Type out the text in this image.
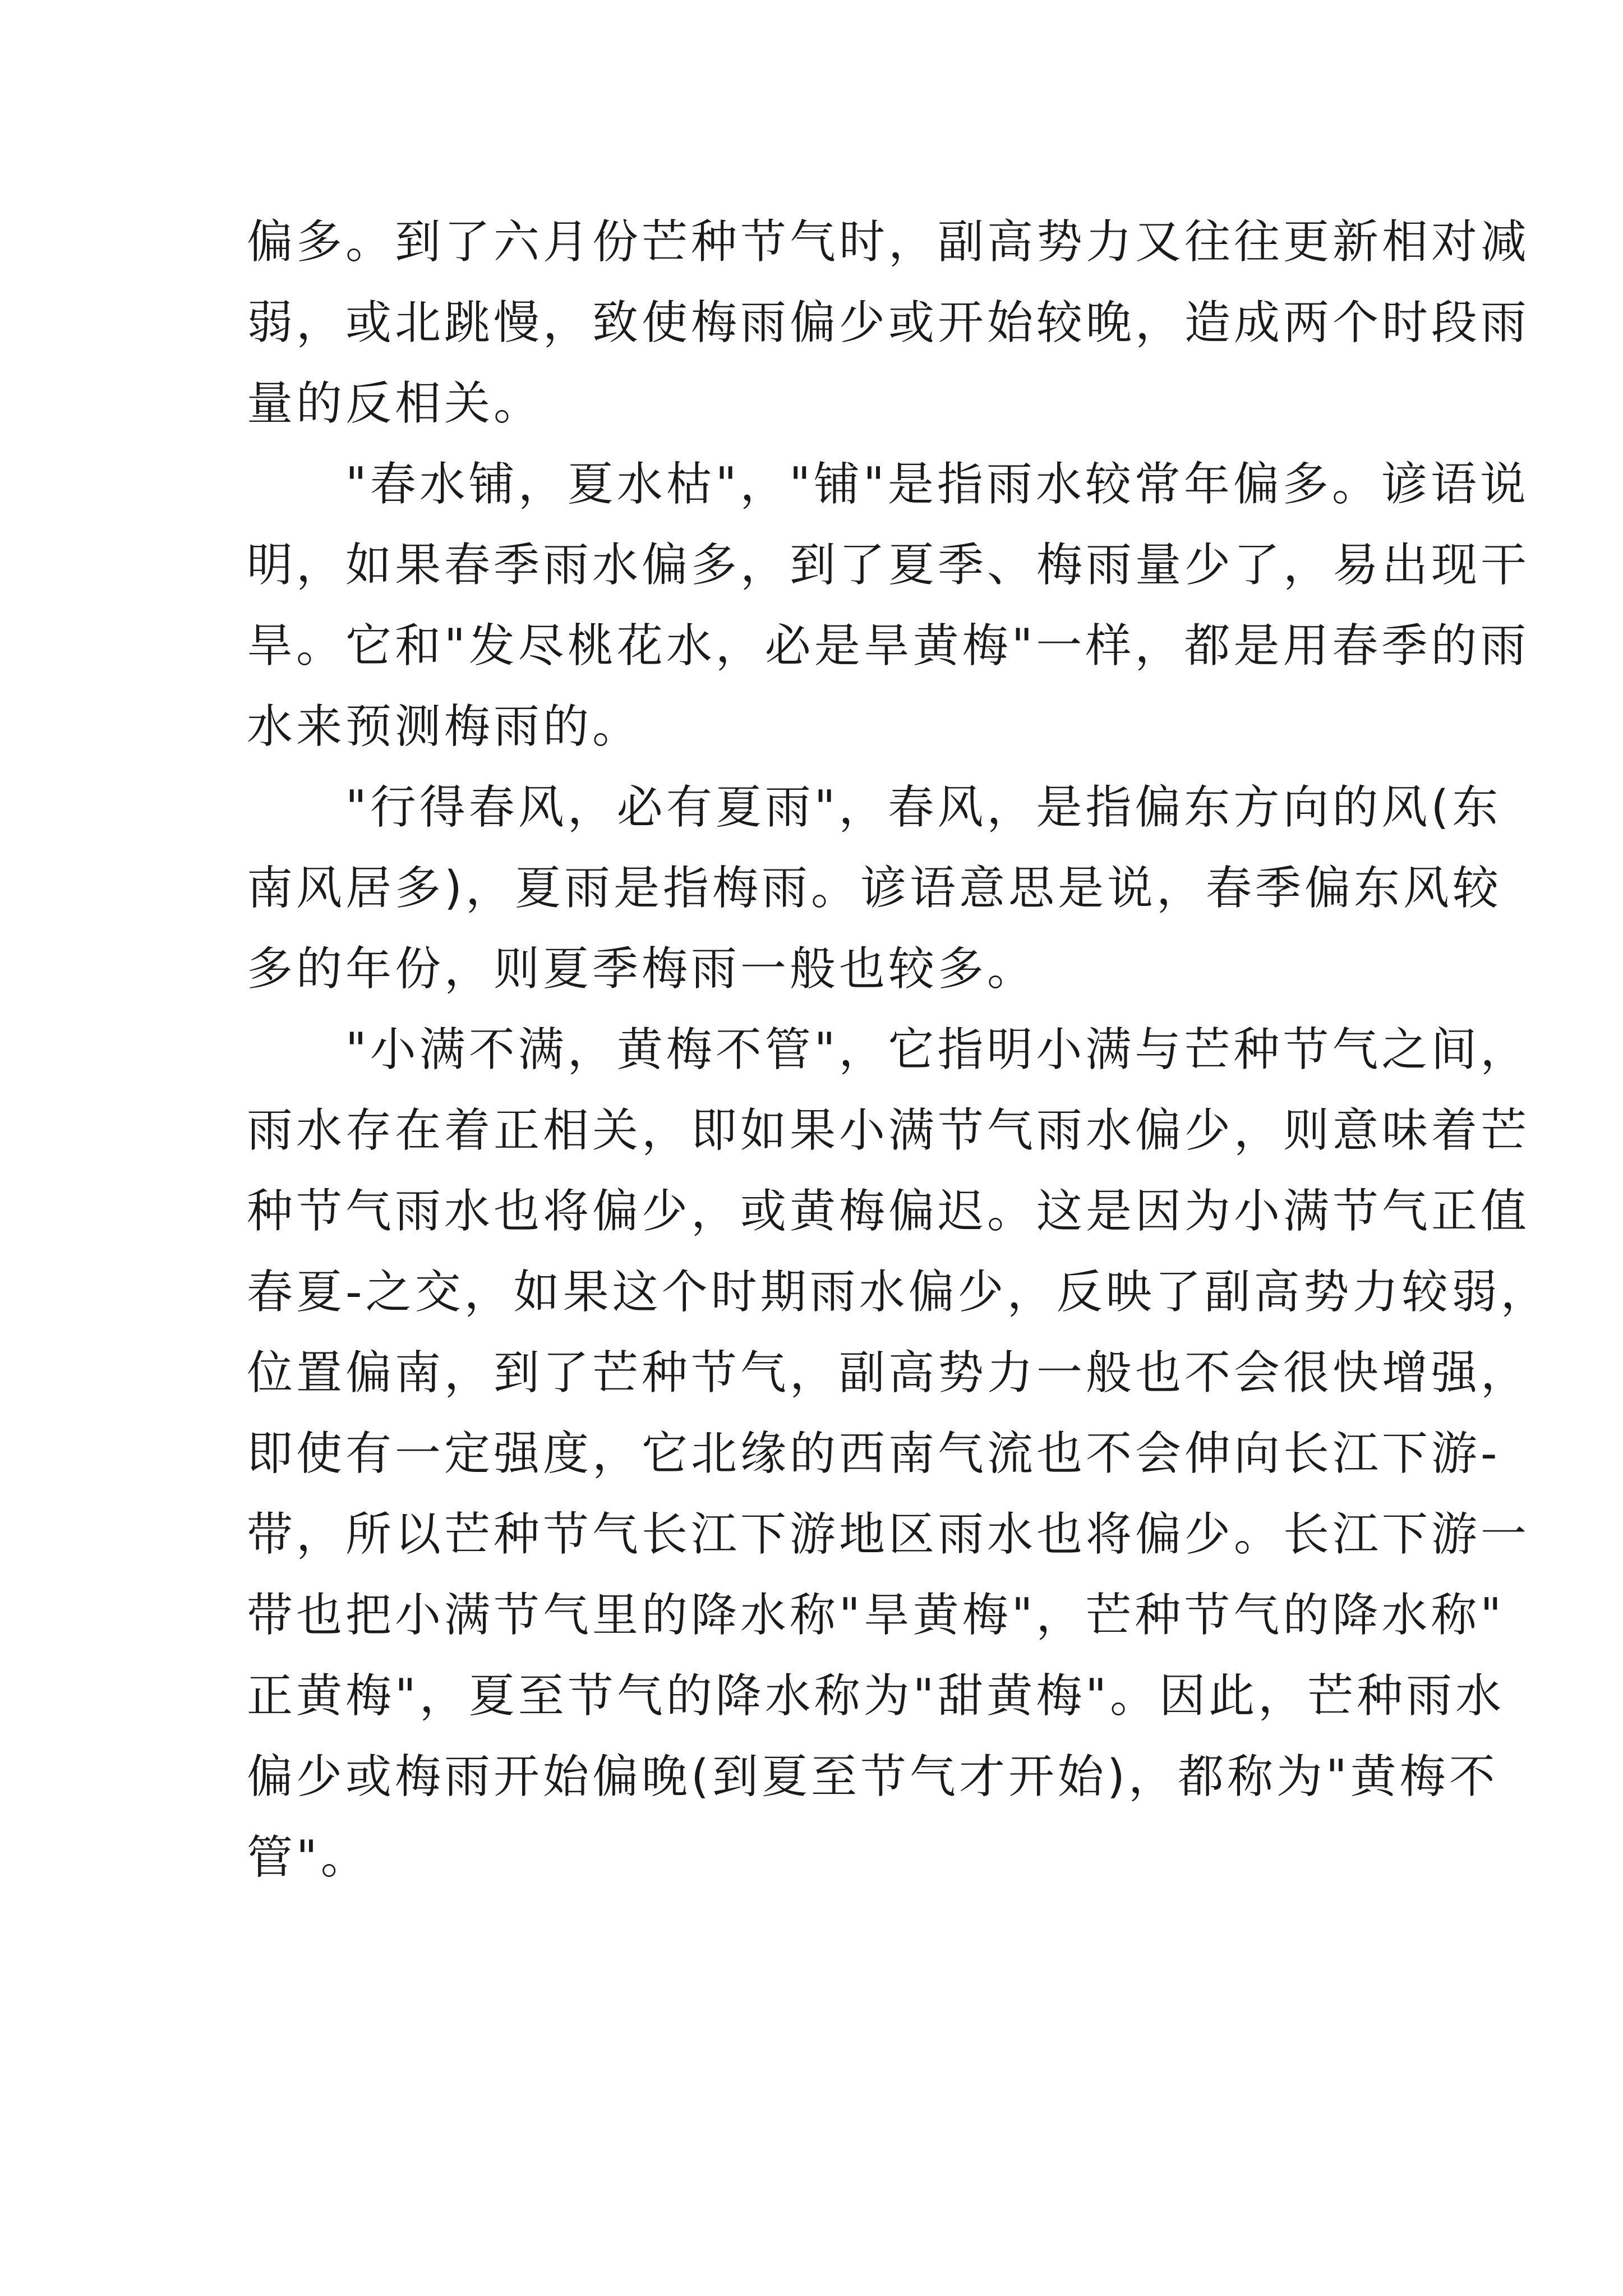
偏多。到了六月份芒种节气时，副高势力又往往更新相对减
弱，或北跳慢，致使梅雨偏少或开始较晚，造成两个时段雨
量的反相关。
　　"春水铺，夏水枯"，"铺"是指雨水较常年偏多。谚语说
明，如果春季雨水偏多，到了夏季、梅雨量少了，易出现干
旱。它和"发尽桃花水，必是旱黄梅"一样，都是用春季的雨
水来预测梅雨的。
　　"行得春风，必有夏雨"，春风，是指偏东方向的风(东
南风居多)，夏雨是指梅雨。谚语意思是说，春季偏东风较
多的年份，则夏季梅雨一般也较多。
　　"小满不满，黄梅不管"，它指明小满与芒种节气之间，
雨水存在着正相关，即如果小满节气雨水偏少，则意味着芒
种节气雨水也将偏少，或黄梅偏迟。这是因为小满节气正值
春夏-之交，如果这个时期雨水偏少，反映了副高势力较弱，
位置偏南，到了芒种节气，副高势力一般也不会很快增强，
即使有一定强度，它北缘的西南气流也不会伸向长江下游-
带，所以芒种节气长江下游地区雨水也将偏少。长江下游一
带也把小满节气里的降水称"旱黄梅"，芒种节气的降水称"
正黄梅"，夏至节气的降水称为"甜黄梅"。因此，芒种雨水
偏少或梅雨开始偏晚(到夏至节气才开始)，都称为"黄梅不
管"。
